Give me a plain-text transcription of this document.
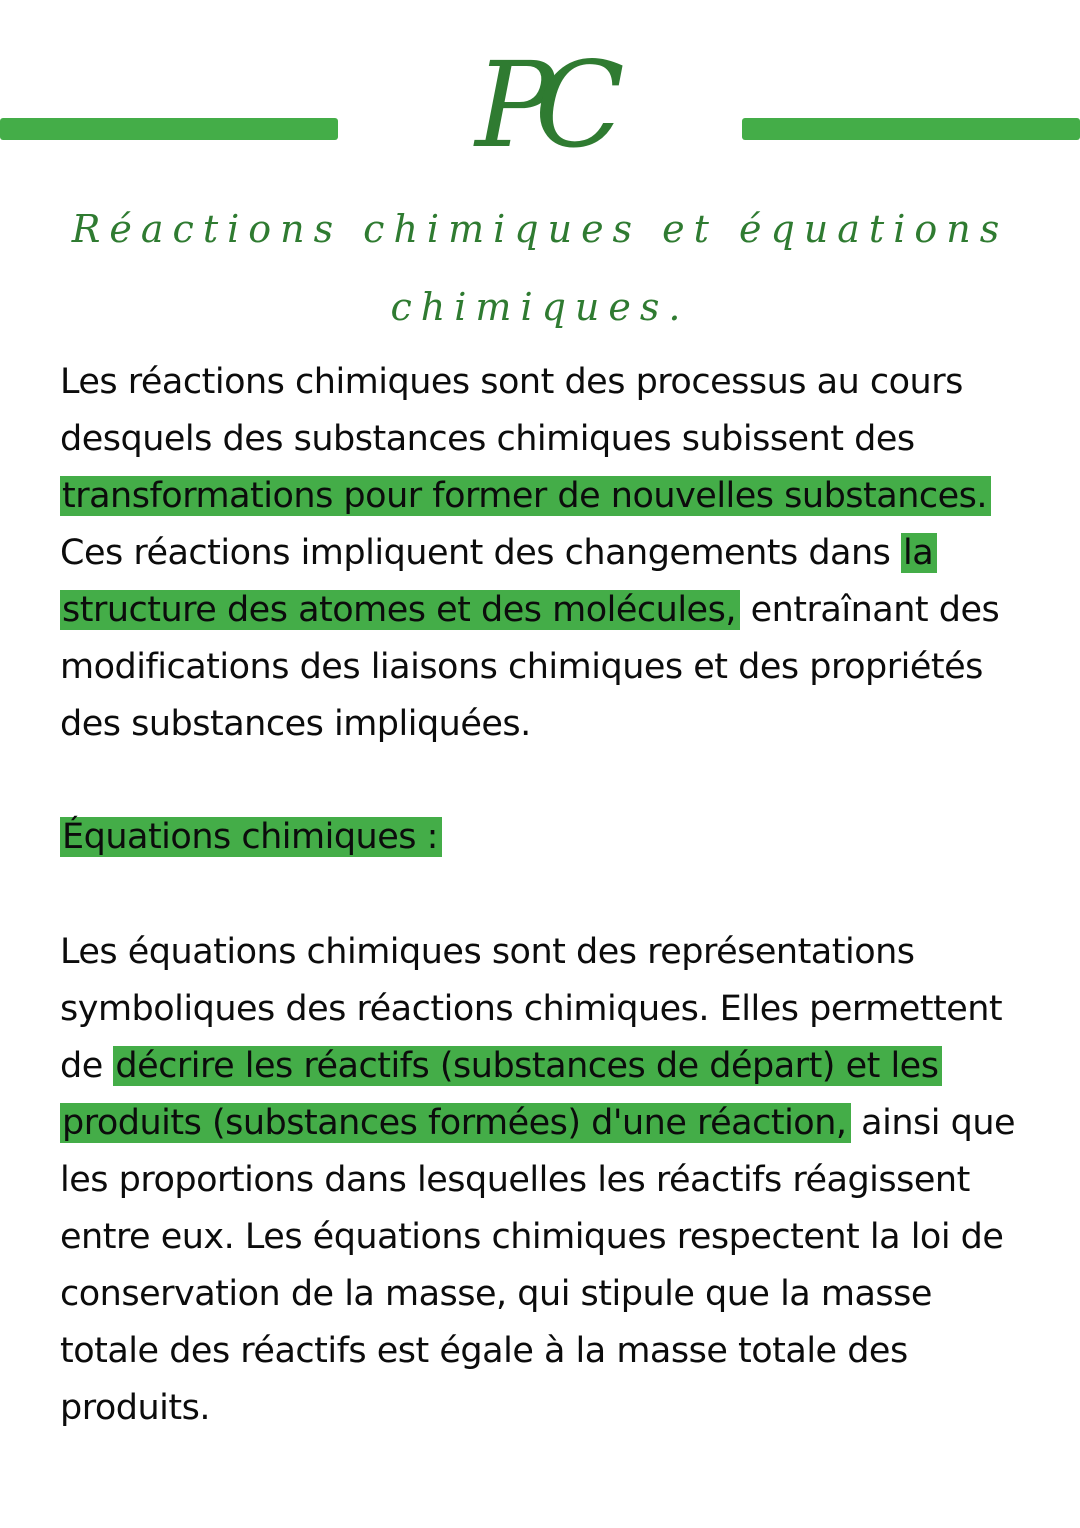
PC
Réactions chimiques et équations chimiques.

Les réactions chimiques sont des processus au cours desquels des substances chimiques subissent des transformations pour former de nouvelles substances. Ces réactions impliquent des changements dans la structure des atomes et des molécules, entraînant des modifications des liaisons chimiques et des propriétés des substances impliquées.

Équations chimiques :

Les équations chimiques sont des représentations symboliques des réactions chimiques. Elles permettent de décrire les réactifs (substances de départ) et les produits (substances formées) d'une réaction, ainsi que les proportions dans lesquelles les réactifs réagissent entre eux. Les équations chimiques respectent la loi de conservation de la masse, qui stipule que la masse totale des réactifs est égale à la masse totale des produits.
